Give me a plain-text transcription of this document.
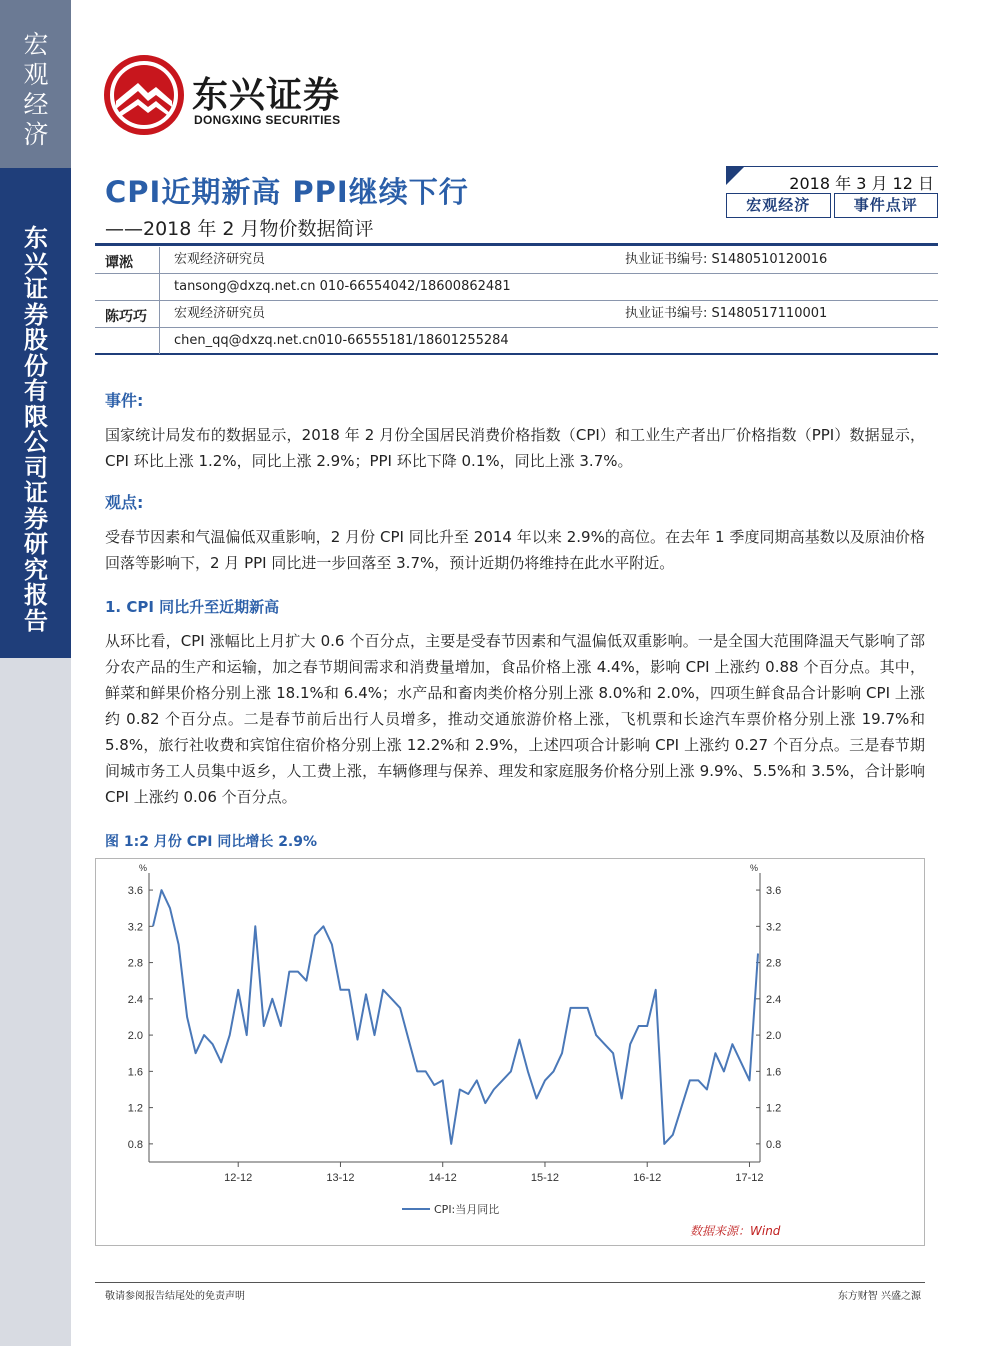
宏观经济
东兴证券股份有限公司证券研究报告
东兴证券
DONGXING SECURITIES
CPI近期新高 PPI继续下行
——2018 年 2 月物价数据简评
2018 年 3 月 12 日
宏观经济	事件点评
谭淞	宏观经济研究员	执业证书编号: S1480510120016
tansong@dxzq.net.cn 010-66554042/18600862481
陈巧巧	宏观经济研究员	执业证书编号: S1480517110001
chen_qq@dxzq.net.cn010-66555181/18601255284
事件:
国家统计局发布的数据显示，2018 年 2 月份全国居民消费价格指数（CPI）和工业生产者出厂价格指数（PPI）数据显示，CPI 环比上涨 1.2%，同比上涨 2.9%；PPI 环比下降 0.1%，同比上涨 3.7%。
观点:
受春节因素和气温偏低双重影响，2 月份 CPI 同比升至 2014 年以来 2.9%的高位。在去年 1 季度同期高基数以及原油价格回落等影响下，2 月 PPI 同比进一步回落至 3.7%，预计近期仍将维持在此水平附近。
1. CPI 同比升至近期新高
从环比看，CPI 涨幅比上月扩大 0.6 个百分点，主要是受春节因素和气温偏低双重影响。一是全国大范围降温天气影响了部分农产品的生产和运输，加之春节期间需求和消费量增加，食品价格上涨 4.4%，影响 CPI 上涨约 0.88 个百分点。其中，鲜菜和鲜果价格分别上涨 18.1%和 6.4%；水产品和畜肉类价格分别上涨 8.0%和 2.0%，四项生鲜食品合计影响 CPI 上涨约 0.82 个百分点。二是春节前后出行人员增多，推动交通旅游价格上涨，飞机票和长途汽车票价格分别上涨 19.7%和 5.8%，旅行社收费和宾馆住宿价格分别上涨 12.2%和 2.9%，上述四项合计影响 CPI 上涨约 0.27 个百分点。三是春节期间城市务工人员集中返乡，人工费上涨，车辆修理与保养、理发和家庭服务价格分别上涨 9.9%、5.5%和 3.5%，合计影响 CPI 上涨约 0.06 个百分点。
图 1:2 月份 CPI 同比增长 2.9%
%	%
3.6	3.6
3.2	3.2
2.8	2.8
2.4	2.4
2.0	2.0
1.6	1.6
1.2	1.2
0.8	0.8
12-12	13-12	14-12	15-12	16-12	17-12
CPI:当月同比
数据来源：Wind
敬请参阅报告结尾处的免责声明	东方财智 兴盛之源
